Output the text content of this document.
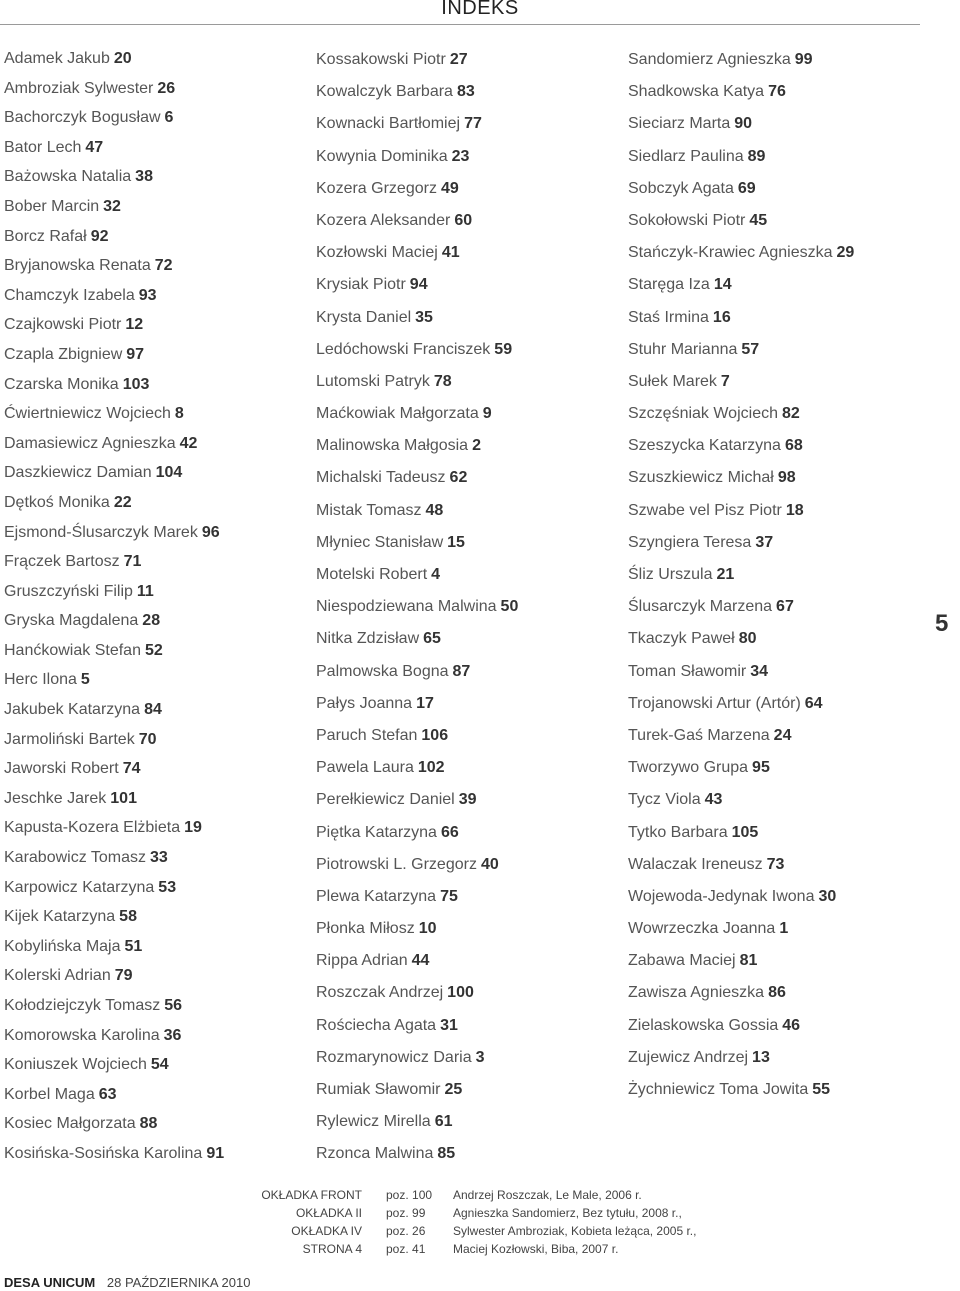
INDEKS
Adamek Jakub 20
Ambroziak Sylwester 26
Bachorczyk Bogusław 6
Bator Lech 47
Bażowska Natalia 38
Bober Marcin 32
Borcz Rafał 92
Bryjanowska Renata 72
Chamczyk Izabela 93
Czajkowski Piotr 12
Czapla Zbigniew 97
Czarska Monika 103
Ćwiertniewicz Wojciech 8
Damasiewicz Agnieszka 42
Daszkiewicz Damian 104
Dętkoś Monika 22
Ejsmond-Ślusarczyk Marek 96
Frączek Bartosz 71
Gruszczyński Filip 11
Gryska Magdalena 28
Hanćkowiak Stefan 52
Herc Ilona 5
Jakubek Katarzyna 84
Jarmoliński Bartek 70
Jaworski Robert 74
Jeschke Jarek 101
Kapusta-Kozera Elżbieta 19
Karabowicz Tomasz 33
Karpowicz Katarzyna 53
Kijek Katarzyna 58
Kobylińska Maja 51
Kolerski Adrian 79
Kołodziejczyk Tomasz 56
Komorowska Karolina 36
Koniuszek Wojciech 54
Korbel Maga 63
Kosiec Małgorzata 88
Kosińska-Sosińska Karolina 91
Kossakowski Piotr 27
Kowalczyk Barbara 83
Kownacki Bartłomiej 77
Kowynia Dominika 23
Kozera Grzegorz 49
Kozera Aleksander 60
Kozłowski Maciej 41
Krysiak Piotr 94
Krysta Daniel 35
Ledóchowski Franciszek 59
Lutomski Patryk 78
Maćkowiak Małgorzata 9
Malinowska Małgosia 2
Michalski Tadeusz 62
Mistak Tomasz 48
Młyniec Stanisław 15
Motelski Robert 4
Niespodziewana Malwina 50
Nitka Zdzisław 65
Palmowska Bogna 87
Pałys Joanna 17
Paruch Stefan 106
Pawela Laura 102
Perełkiewicz Daniel 39
Piętka Katarzyna 66
Piotrowski L. Grzegorz 40
Plewa Katarzyna 75
Płonka Miłosz 10
Rippa Adrian 44
Roszczak Andrzej 100
Rościecha Agata 31
Rozmarynowicz Daria 3
Rumiak Sławomir 25
Rylewicz Mirella 61
Rzonca Malwina 85
Sandomierz Agnieszka 99
Shadkowska Katya 76
Sieciarz Marta 90
Siedlarz Paulina 89
Sobczyk Agata 69
Sokołowski Piotr 45
Stańczyk-Krawiec Agnieszka 29
Staręga Iza 14
Staś Irmina 16
Stuhr Marianna 57
Sułek Marek 7
Szczęśniak Wojciech 82
Szeszycka Katarzyna 68
Szuszkiewicz Michał 98
Szwabe vel Pisz Piotr 18
Szyngiera Teresa 37
Śliz Urszula 21
Ślusarczyk Marzena 67
Tkaczyk Paweł 80
Toman Sławomir 34
Trojanowski Artur (Artór) 64
Turek-Gaś Marzena 24
Tworzywo Grupa 95
Tycz Viola 43
Tytko Barbara 105
Walaczak Ireneusz 73
Wojewoda-Jedynak Iwona 30
Wowrzeczka Joanna 1
Zabawa Maciej 81
Zawisza Agnieszka 86
Zielaskowska Gossia 46
Zujewicz Andrzej 13
Żychniewicz Toma Jowita 55
5
OKŁADKA FRONT poz. 100 Andrzej Roszczak, Le Male, 2006 r.
OKŁADKA II poz. 99 Agnieszka Sandomierz, Bez tytułu, 2008 r.,
OKŁADKA IV poz. 26 Sylwester Ambroziak, Kobieta leżąca, 2005 r.,
STRONA 4 poz. 41 Maciej Kozłowski, Biba, 2007 r.
DESA UNICUM 28 PAŹDZIERNIKA 2010
